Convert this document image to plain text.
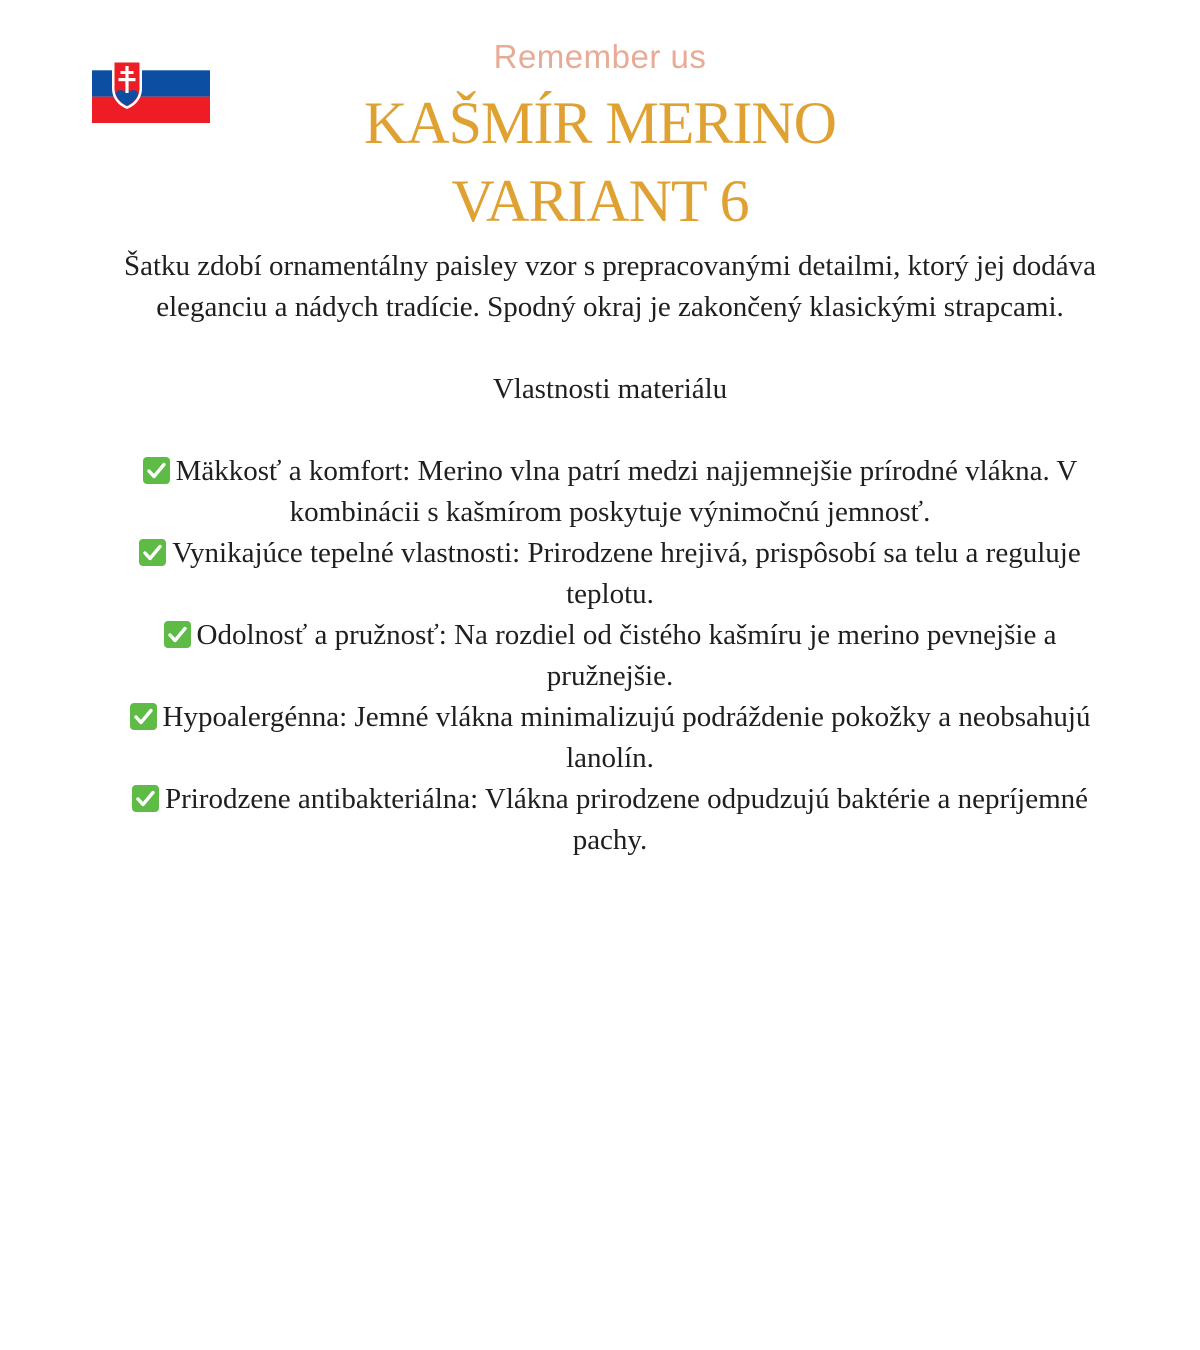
Remember us
KAŠMÍR MERINO
VARIANT 6

Šatku zdobí ornamentálny paisley vzor s prepracovanými detailmi, ktorý jej dodáva eleganciu a nádych tradície. Spodný okraj je zakončený klasickými strapcami.

Vlastnosti materiálu

Mäkkosť a komfort: Merino vlna patrí medzi najjemnejšie prírodné vlákna. V kombinácii s kašmírom poskytuje výnimočnú jemnosť.

Vynikajúce tepelné vlastnosti: Prirodzene hrejivá, prispôsobí sa telu a reguluje teplotu.

Odolnosť a pružnosť: Na rozdiel od čistého kašmíru je merino pevnejšie a pružnejšie.

Hypoalergénna: Jemné vlákna minimalizujú podráždenie pokožky a neobsahujú lanolín.

Prirodzene antibakteriálna: Vlákna prirodzene odpudzujú baktérie a nepríjemné pachy.
